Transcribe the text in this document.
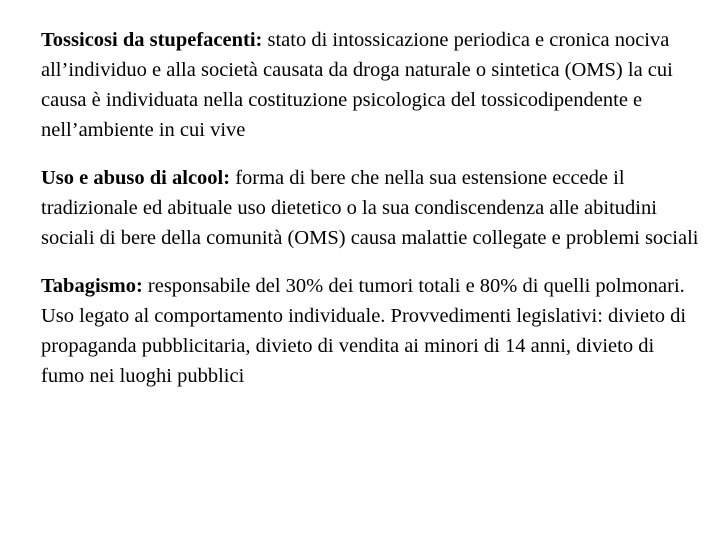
Tossicosi da stupefacenti: stato di intossicazione periodica e cronica nociva all’individuo e alla società causata da droga naturale o sintetica (OMS) la cui causa è individuata nella costituzione psicologica del tossicodipendente e nell’ambiente in cui vive

Uso e abuso di alcool: forma di bere che nella sua estensione eccede il tradizionale ed abituale uso dietetico o la sua condiscendenza alle abitudini sociali di bere della comunità (OMS) causa malattie collegate e problemi sociali

Tabagismo: responsabile del 30% dei tumori totali e 80% di quelli polmonari. Uso legato al comportamento individuale. Provvedimenti legislativi: divieto di propaganda pubblicitaria, divieto di vendita ai minori di 14 anni, divieto di fumo nei luoghi pubblici
